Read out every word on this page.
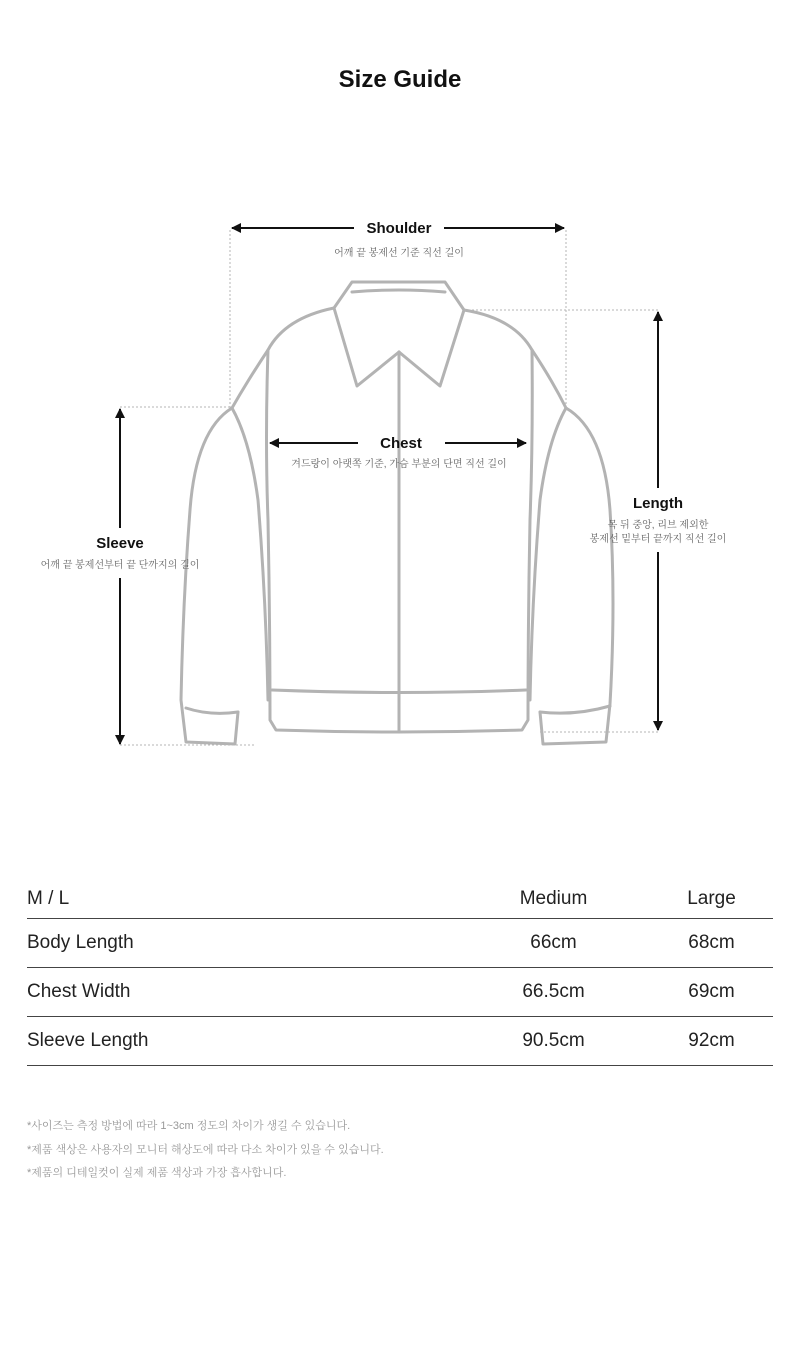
Size Guide
Shoulder
어깨 끝 봉제선 기준 직선 길이
Chest
겨드랑이 아랫쪽 기준, 가슴 부분의 단면 직선 길이
Length
목 뒤 중앙, 리브 제외한
봉제선 밑부터 끝까지 직선 길이
Sleeve
어깨 끝 봉제선부터 끝 단까지의 길이
M / L	Medium	Large
Body Length	66cm	68cm
Chest Width	66.5cm	69cm
Sleeve Length	90.5cm	92cm
*사이즈는 측정 방법에 따라 1~3cm 정도의 차이가 생길 수 있습니다.
*제품 색상은 사용자의 모니터 해상도에 따라 다소 차이가 있을 수 있습니다.
*제품의 디테일컷이 실제 제품 색상과 가장 흡사합니다.
